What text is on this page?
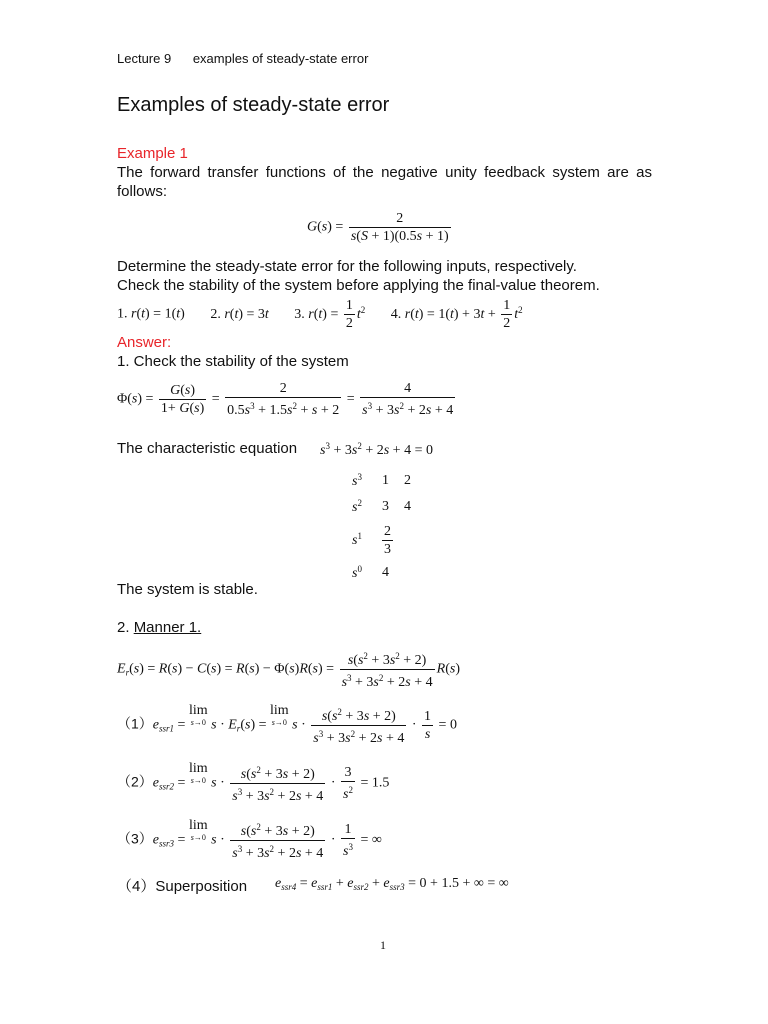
Lecture 9 examples of steady-state error
Examples of steady-state error
Example 1
The forward transfer functions of the negative unity feedback system are as follows:
$G(s) = \frac{2}{s(S + 1)(0.5s + 1)}$
Determine the steady-state error for the following inputs, respectively.
Check the stability of the system before applying the final-value theorem.
1. r(t) = 1(t) 2. r(t) = 3t 3. $r(t) = \frac{1}{2} t^2$ 4. $r(t) = 1(t) + 3t + \frac{1}{2} t^2$
Answer:
1. Check the stability of the system
$\Phi(s) = \frac{G(s)}{1+ G(s)} = \frac{2}{0.5s^3 + 1.5s^2 + s + 2} = \frac{4}{s^3 + 3s^2 + 2s + 4}$
The characteristic equation $s^3 + 3s^2 + 2s + 4 = 0$
$s^3$	1	2
$s^2$	3	4
$s^1$	$\frac{2}{3}$

$s^0$	4	
The system is stable.
2. Manner 1.
$E_r(s) = R(s) - C(s) = R(s) - \Phi(s)R(s) = \frac{s(s^2 + 3s^2 + 2)}{s^3 + 3s^2 + 2s + 4} R(s)$
$(1)e_{ssr1}$ =
lim
s→0 $s \cdot E_r(s)$ =
lim
s→0 $s \cdot \frac{s(s^2 + 3s + 2)}{s^3 + 3s^2 + 2s + 4} \cdot \frac{1}{s} = 0$
$(2)e_{ssr2}$ =
lim
s→0 $s \cdot \frac{s(s^2 + 3s + 2)}{s^3 + 3s^2 + 2s + 4} \cdot \frac{3}{s^2} = 1.5$
$(3)e_{ssr3}$ =
lim
s→0 $s \cdot \frac{s(s^2 + 3s + 2)}{s^3 + 3s^2 + 2s + 4} \cdot \frac{1}{s^3}$ = ∞
（4）Superposition $e_{ssr4} = e_{ssr1} + e_{ssr2} + e_{ssr3} = 0 + 1.5$ + ∞ = ∞
1
